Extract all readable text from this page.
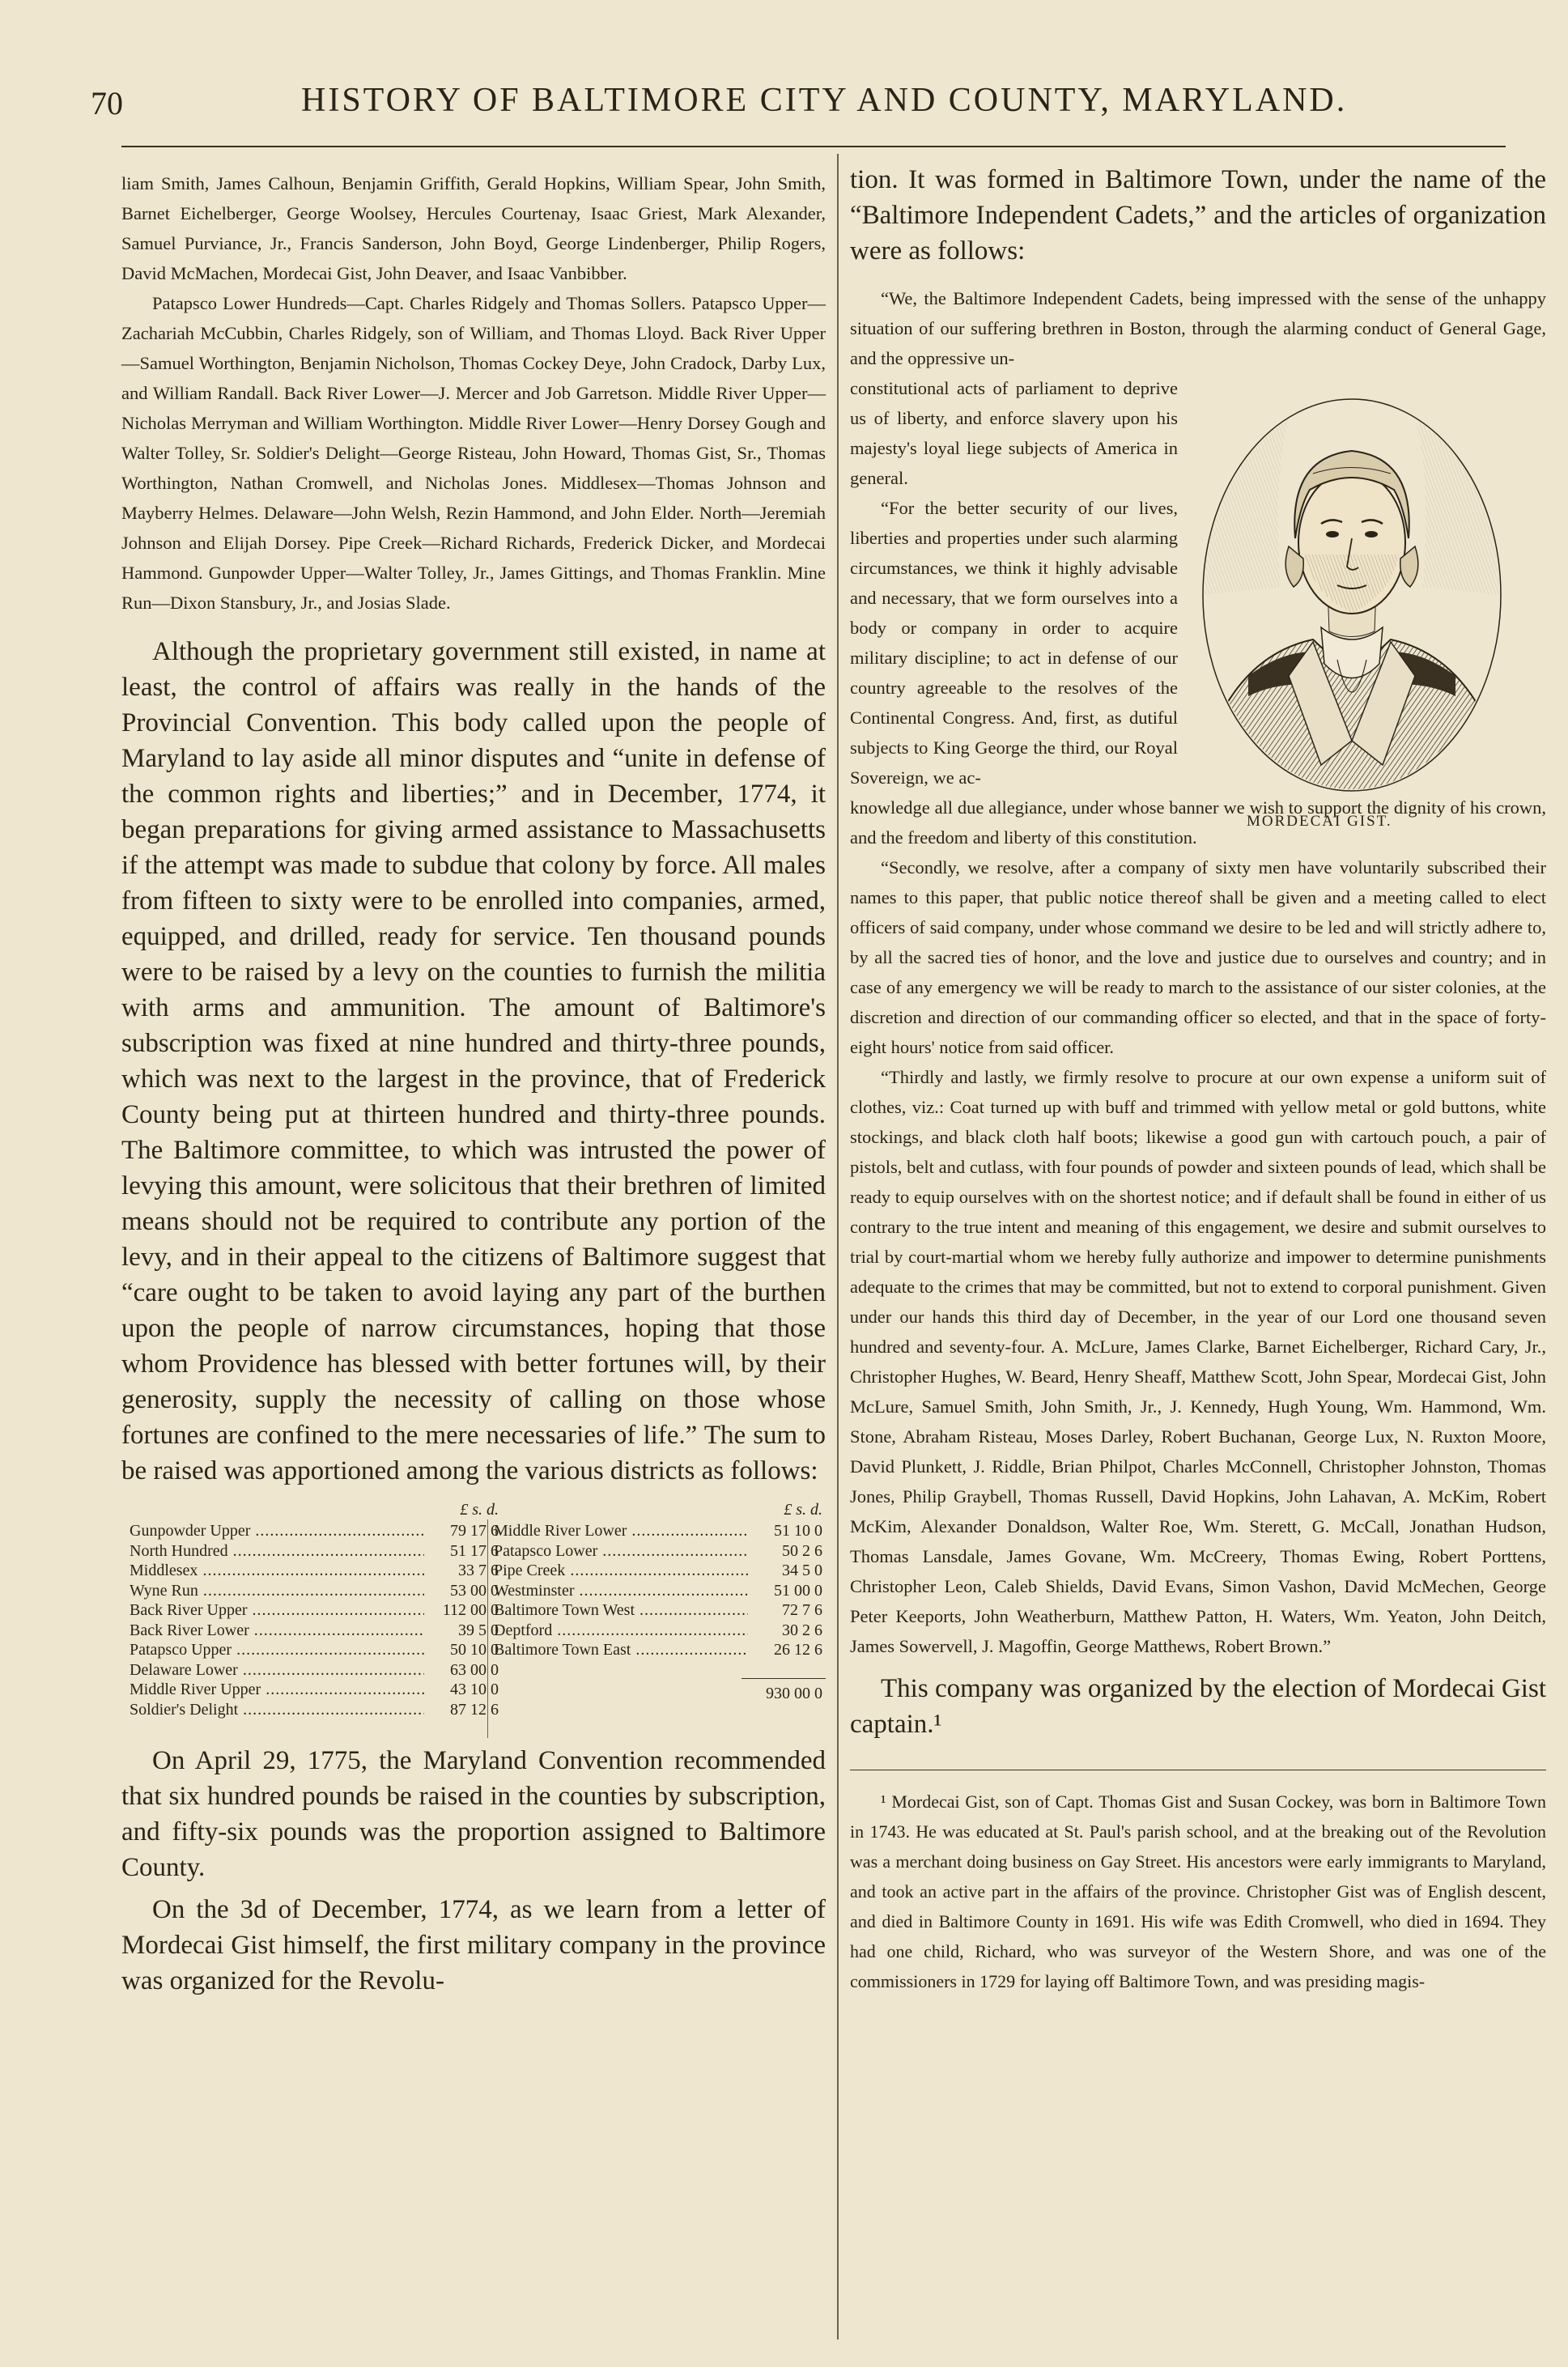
70	HISTORY OF BALTIMORE CITY AND COUNTY, MARYLAND.

liam Smith, James Calhoun, Benjamin Griffith, Gerald Hopkins, William Spear, John Smith, Barnet Eichelberger, George Woolsey, Hercules Courtenay, Isaac Griest, Mark Alexander, Samuel Purviance, Jr., Francis Sanderson, John Boyd, George Lindenberger, Philip Rogers, David McMachen, Mordecai Gist, John Deaver, and Isaac Vanbibber.

Patapsco Lower Hundreds—Capt. Charles Ridgely and Thomas Sollers. Patapsco Upper—Zachariah McCubbin, Charles Ridgely, son of William, and Thomas Lloyd. Back River Upper—Samuel Worthington, Benjamin Nicholson, Thomas Cockey Deye, John Cradock, Darby Lux, and William Randall. Back River Lower—J. Mercer and Job Garretson. Middle River Upper—Nicholas Merryman and William Worthington. Middle River Lower—Henry Dorsey Gough and Walter Tolley, Sr. Soldier's Delight—George Risteau, John Howard, Thomas Gist, Sr., Thomas Worthington, Nathan Cromwell, and Nicholas Jones. Middlesex—Thomas Johnson and Mayberry Helmes. Delaware—John Welsh, Rezin Hammond, and John Elder. North—Jeremiah Johnson and Elijah Dorsey. Pipe Creek—Richard Richards, Frederick Dicker, and Mordecai Hammond. Gunpowder Upper—Walter Tolley, Jr., James Gittings, and Thomas Franklin. Mine Run—Dixon Stansbury, Jr., and Josias Slade.

Although the proprietary government still existed, in name at least, the control of affairs was really in the hands of the Provincial Convention. This body called upon the people of Maryland to lay aside all minor disputes and “unite in defense of the common rights and liberties;” and in December, 1774, it began preparations for giving armed assistance to Massachusetts if the attempt was made to subdue that colony by force. All males from fifteen to sixty were to be enrolled into companies, armed, equipped, and drilled, ready for service. Ten thousand pounds were to be raised by a levy on the counties to furnish the militia with arms and ammunition. The amount of Baltimore's subscription was fixed at nine hundred and thirty-three pounds, which was next to the largest in the province, that of Frederick County being put at thirteen hundred and thirty-three pounds. The Baltimore committee, to which was intrusted the power of levying this amount, were solicitous that their brethren of limited means should not be required to contribute any portion of the levy, and in their appeal to the citizens of Baltimore suggest that “care ought to be taken to avoid laying any part of the burthen upon the people of narrow circumstances, hoping that those whom Providence has blessed with better fortunes will, by their generosity, supply the necessity of calling on those whose fortunes are confined to the mere necessaries of life.” The sum to be raised was apportioned among the various districts as follows:

£ s. d.
Gunpowder Upper .....	79 17 6
North Hundred .....	51 17 6
Middlesex .....	33 7 6
Wyne Run .....	53 00 0
Back River Upper .....	112 00 0
Back River Lower .....	39 5 0
Patapsco Upper .....	50 10 0
Delaware Lower .....	63 00 0
Middle River Upper .....	43 10 0
Soldier's Delight .....	87 12 6
£ s. d.
Middle River Lower .....	51 10 0
Patapsco Lower .....	50 2 6
Pipe Creek .....	34 5 0
Westminster .....	51 00 0
Baltimore Town West .....	72 7 6
Deptford .....	30 2 6
Baltimore Town East .....	26 12 6
930 00 0

On April 29, 1775, the Maryland Convention recommended that six hundred pounds be raised in the counties by subscription, and fifty-six pounds was the proportion assigned to Baltimore County.

On the 3d of December, 1774, as we learn from a letter of Mordecai Gist himself, the first military company in the province was organized for the Revolu-

tion. It was formed in Baltimore Town, under the name of the “Baltimore Independent Cadets,” and the articles of organization were as follows:

“We, the Baltimore Independent Cadets, being impressed with the sense of the unhappy situation of our suffering brethren in Boston, through the alarming conduct of General Gage, and the oppressive un-

constitutional acts of parliament to deprive us of liberty, and enforce slavery upon his majesty's loyal liege subjects of America in general.

“For the better security of our lives, liberties and properties under such alarming circumstances, we think it highly advisable and necessary, that we form ourselves into a body or company in order to acquire military discipline; to act in defense of our country agreeable to the resolves of the Continental Congress. And, first, as dutiful subjects to King George the third, our Royal Sovereign, we ac-

knowledge all due allegiance, under whose banner we wish to support the dignity of his crown, and the freedom and liberty of this constitution.

“Secondly, we resolve, after a company of sixty men have voluntarily subscribed their names to this paper, that public notice thereof shall be given and a meeting called to elect officers of said company, under whose command we desire to be led and will strictly adhere to, by all the sacred ties of honor, and the love and justice due to ourselves and country; and in case of any emergency we will be ready to march to the assistance of our sister colonies, at the discretion and direction of our commanding officer so elected, and that in the space of forty-eight hours' notice from said officer.

“Thirdly and lastly, we firmly resolve to procure at our own expense a uniform suit of clothes, viz.: Coat turned up with buff and trimmed with yellow metal or gold buttons, white stockings, and black cloth half boots; likewise a good gun with cartouch pouch, a pair of pistols, belt and cutlass, with four pounds of powder and sixteen pounds of lead, which shall be ready to equip ourselves with on the shortest notice; and if default shall be found in either of us contrary to the true intent and meaning of this engagement, we desire and submit ourselves to trial by court-martial whom we hereby fully authorize and impower to determine punishments adequate to the crimes that may be committed, but not to extend to corporal punishment. Given under our hands this third day of December, in the year of our Lord one thousand seven hundred and seventy-four. A. McLure, James Clarke, Barnet Eichelberger, Richard Cary, Jr., Christopher Hughes, W. Beard, Henry Sheaff, Matthew Scott, John Spear, Mordecai Gist, John McLure, Samuel Smith, John Smith, Jr., J. Kennedy, Hugh Young, Wm. Hammond, Wm. Stone, Abraham Risteau, Moses Darley, Robert Buchanan, George Lux, N. Ruxton Moore, David Plunkett, J. Riddle, Brian Philpot, Charles McConnell, Christopher Johnston, Thomas Jones, Philip Graybell, Thomas Russell, David Hopkins, John Lahavan, A. McKim, Robert McKim, Alexander Donaldson, Walter Roe, Wm. Sterett, G. McCall, Jonathan Hudson, Thomas Lansdale, James Govane, Wm. McCreery, Thomas Ewing, Robert Porttens, Christopher Leon, Caleb Shields, David Evans, Simon Vashon, David McMechen, George Peter Keeports, John Weatherburn, Matthew Patton, H. Waters, Wm. Yeaton, John Deitch, James Sowervell, J. Magoffin, George Matthews, Robert Brown.”

This company was organized by the election of Mordecai Gist captain.¹

¹ Mordecai Gist, son of Capt. Thomas Gist and Susan Cockey, was born in Baltimore Town in 1743. He was educated at St. Paul's parish school, and at the breaking out of the Revolution was a merchant doing business on Gay Street. His ancestors were early immigrants to Maryland, and took an active part in the affairs of the province. Christopher Gist was of English descent, and died in Baltimore County in 1691. His wife was Edith Cromwell, who died in 1694. They had one child, Richard, who was surveyor of the Western Shore, and was one of the commissioners in 1729 for laying off Baltimore Town, and was presiding magis-

MORDECAI GIST.
